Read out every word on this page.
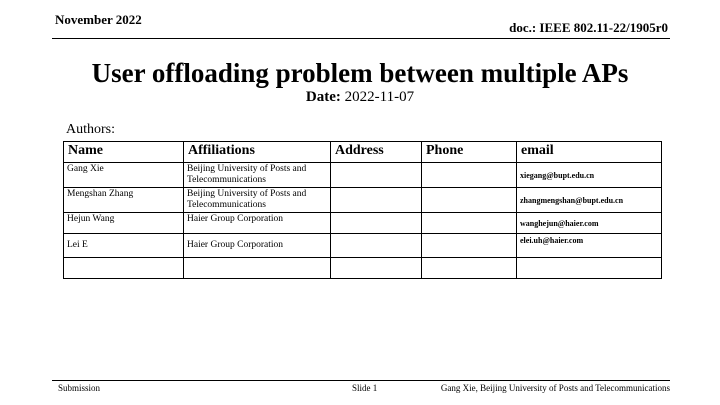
November 2022
doc.: IEEE 802.11-22/1905r0
User offloading problem between multiple APs
Date: 2022-11-07
Authors:
Name	Affiliations	Address	Phone	email
Gang Xie	Beijing University of Posts and Telecommunications			xiegang@bupt.edu.cn
Mengshan Zhang	Beijing University of Posts and Telecommunications			zhangmengshan@bupt.edu.cn
Hejun Wang	Haier Group Corporation			wanghejun@haier.com
Lei E	Haier Group Corporation			elei.uh@haier.com

Submission	Slide 1	Gang Xie, Beijing University of Posts and Telecommunications
